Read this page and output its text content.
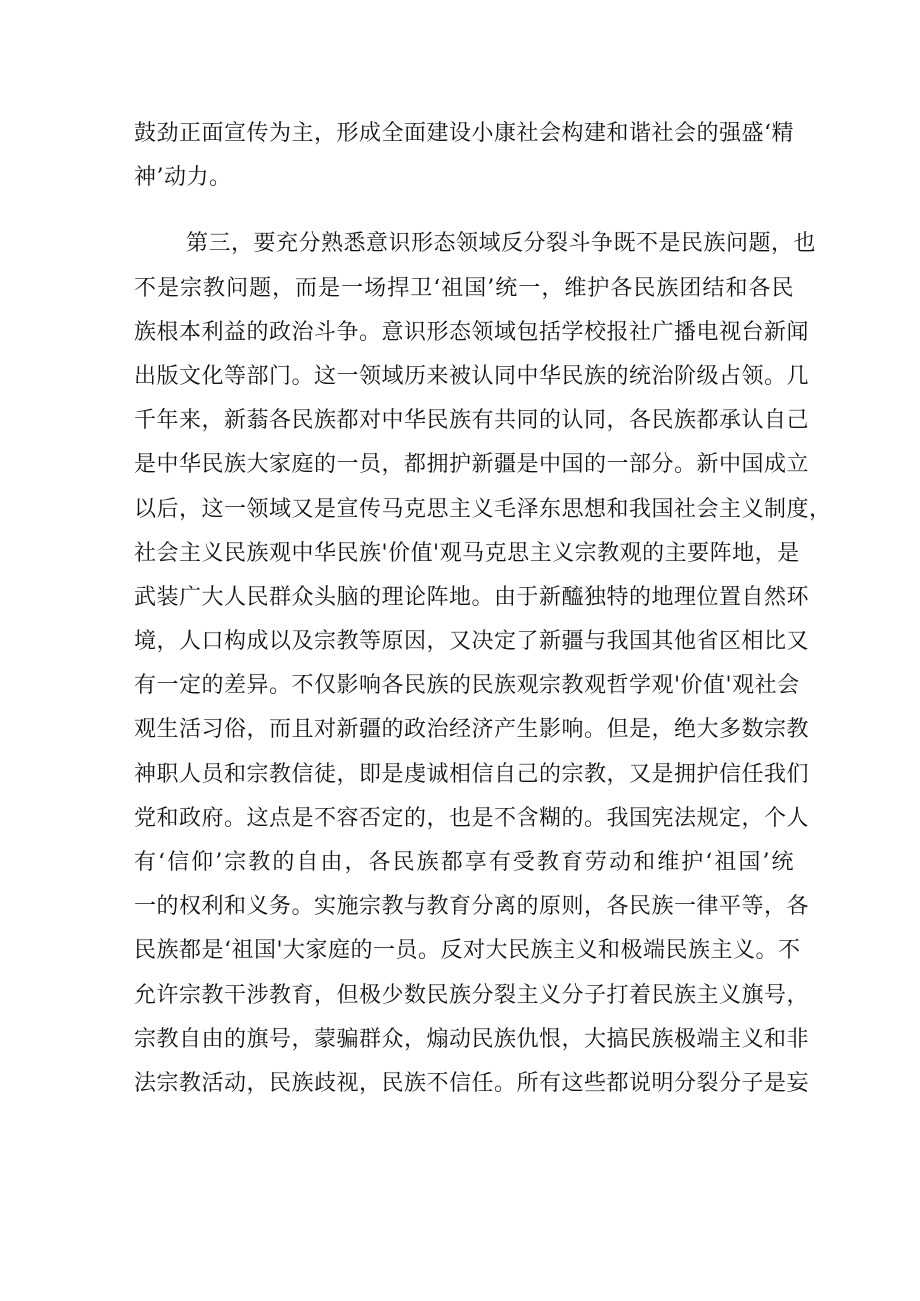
鼓劲正面宣传为主，形成全面建设小康社会构建和谐社会的强盛‘精
神’动力。
第三，要充分熟悉意识形态领域反分裂斗争既不是民族问题，也
不是宗教问题，而是一场捍卫‘祖国’统一，维护各民族团结和各民
族根本利益的政治斗争。意识形态领域包括学校报社广播电视台新闻
出版文化等部门。这一领域历来被认同中华民族的统治阶级占领。几
千年来，新蓊各民族都对中华民族有共同的认同，各民族都承认自己
是中华民族大家庭的一员，都拥护新疆是中国的一部分。新中国成立
以后，这一领域又是宣传马克思主义毛泽东思想和我国社会主义制度，
社会主义民族观中华民族'价值'观马克思主义宗教观的主要阵地，是
武装广大人民群众头脑的理论阵地。由于新醯独特的地理位置自然环
境，人口构成以及宗教等原因，又决定了新疆与我国其他省区相比又
有一定的差异。不仅影响各民族的民族观宗教观哲学观'价值'观社会
观生活习俗，而且对新疆的政治经济产生影响。但是，绝大多数宗教
神职人员和宗教信徒，即是虔诚相信自己的宗教，又是拥护信任我们
党和政府。这点是不容否定的，也是不含糊的。我国宪法规定，个人
有‘信仰’宗教的自由，各民族都享有受教育劳动和维护‘祖国’统
一的权利和义务。实施宗教与教育分离的原则，各民族一律平等，各
民族都是‘祖国'大家庭的一员。反对大民族主义和极端民族主义。不
允许宗教干涉教育，但极少数民族分裂主义分子打着民族主义旗号，
宗教自由的旗号，蒙骗群众，煽动民族仇恨，大搞民族极端主义和非
法宗教活动，民族歧视，民族不信任。所有这些都说明分裂分子是妄
